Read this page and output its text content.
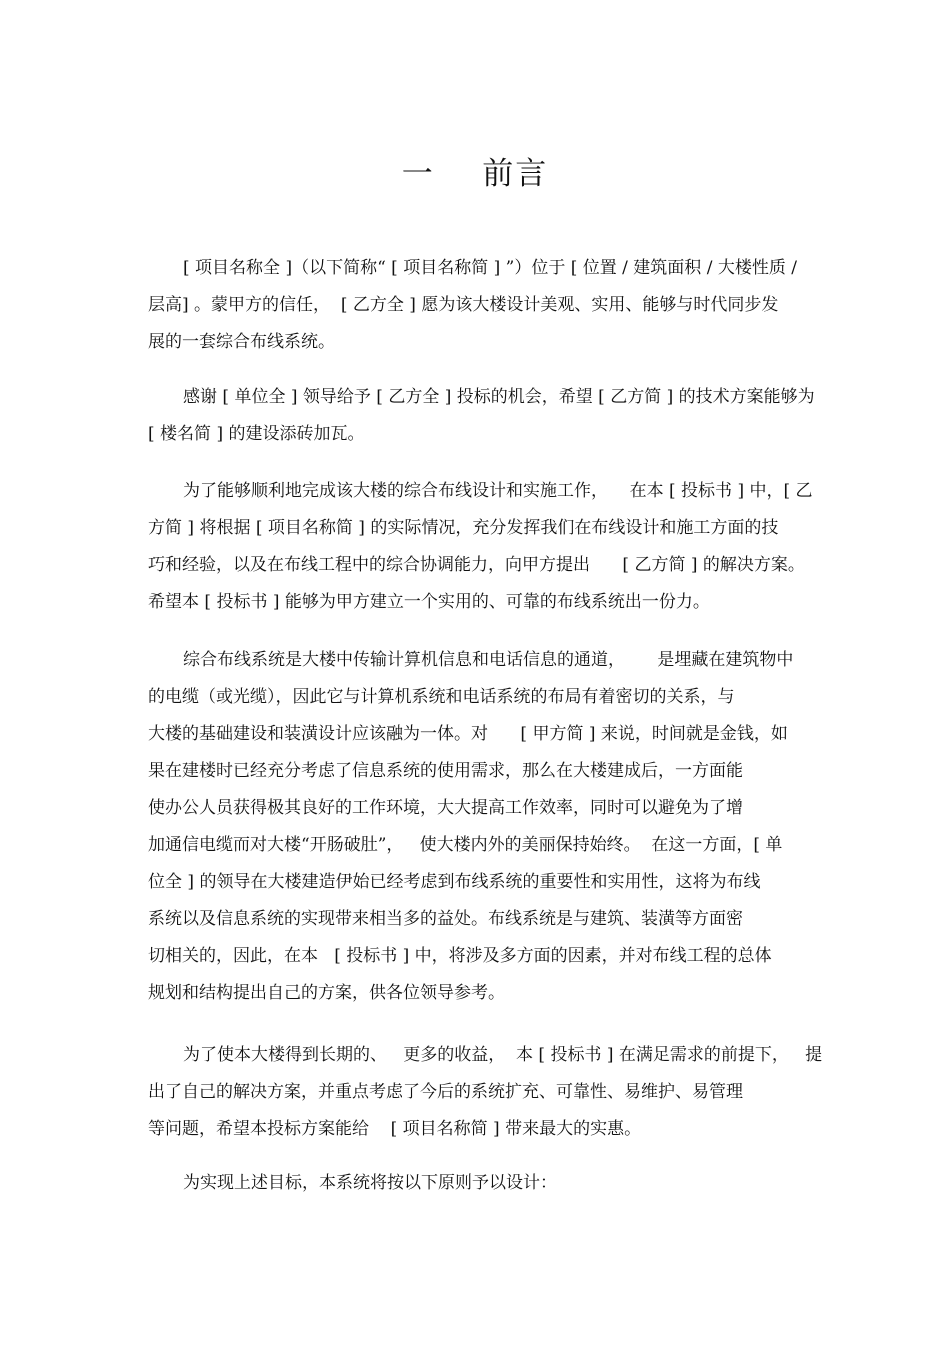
一    前言
[ 项目名称全 ]（以下简称“ [ 项目名称简 ] ”）位于 [ 位置 / 建筑面积 / 大楼性质 /
层高] 。蒙甲方的信任，  [ 乙方全 ] 愿为该大楼设计美观、实用、能够与时代同步发
展的一套综合布线系统。
感谢 [ 单位全 ] 领导给予 [ 乙方全 ] 投标的机会，希望 [ 乙方简 ] 的技术方案能够为
[ 楼名简 ] 的建设添砖加瓦。
为了能够顺利地完成该大楼的综合布线设计和实施工作，    在本 [ 投标书 ] 中，[ 乙
方简 ] 将根据 [ 项目名称简 ] 的实际情况，充分发挥我们在布线设计和施工方面的技
巧和经验，以及在布线工程中的综合协调能力，向甲方提出      [ 乙方简 ] 的解决方案。
希望本 [ 投标书 ] 能够为甲方建立一个实用的、可靠的布线系统出一份力。
综合布线系统是大楼中传输计算机信息和电话信息的通道，      是埋藏在建筑物中
的电缆（或光缆），因此它与计算机系统和电话系统的布局有着密切的关系，与
大楼的基础建设和装潢设计应该融为一体。对      [ 甲方简 ] 来说，时间就是金钱，如
果在建楼时已经充分考虑了信息系统的使用需求，那么在大楼建成后，一方面能
使办公人员获得极其良好的工作环境，大大提高工作效率，同时可以避免为了增
加通信电缆而对大楼“开肠破肚”，   使大楼内外的美丽保持始终。  在这一方面，[ 单
位全 ] 的领导在大楼建造伊始已经考虑到布线系统的重要性和实用性，这将为布线
系统以及信息系统的实现带来相当多的益处。布线系统是与建筑、装潢等方面密
切相关的，因此，在本   [ 投标书 ] 中，将涉及多方面的因素，并对布线工程的总体
规划和结构提出自己的方案，供各位领导参考。
为了使本大楼得到长期的、   更多的收益，  本 [ 投标书 ] 在满足需求的前提下，   提
出了自己的解决方案，并重点考虑了今后的系统扩充、可靠性、易维护、易管理
等问题，希望本投标方案能给    [ 项目名称简 ] 带来最大的实惠。
为实现上述目标，本系统将按以下原则予以设计：
